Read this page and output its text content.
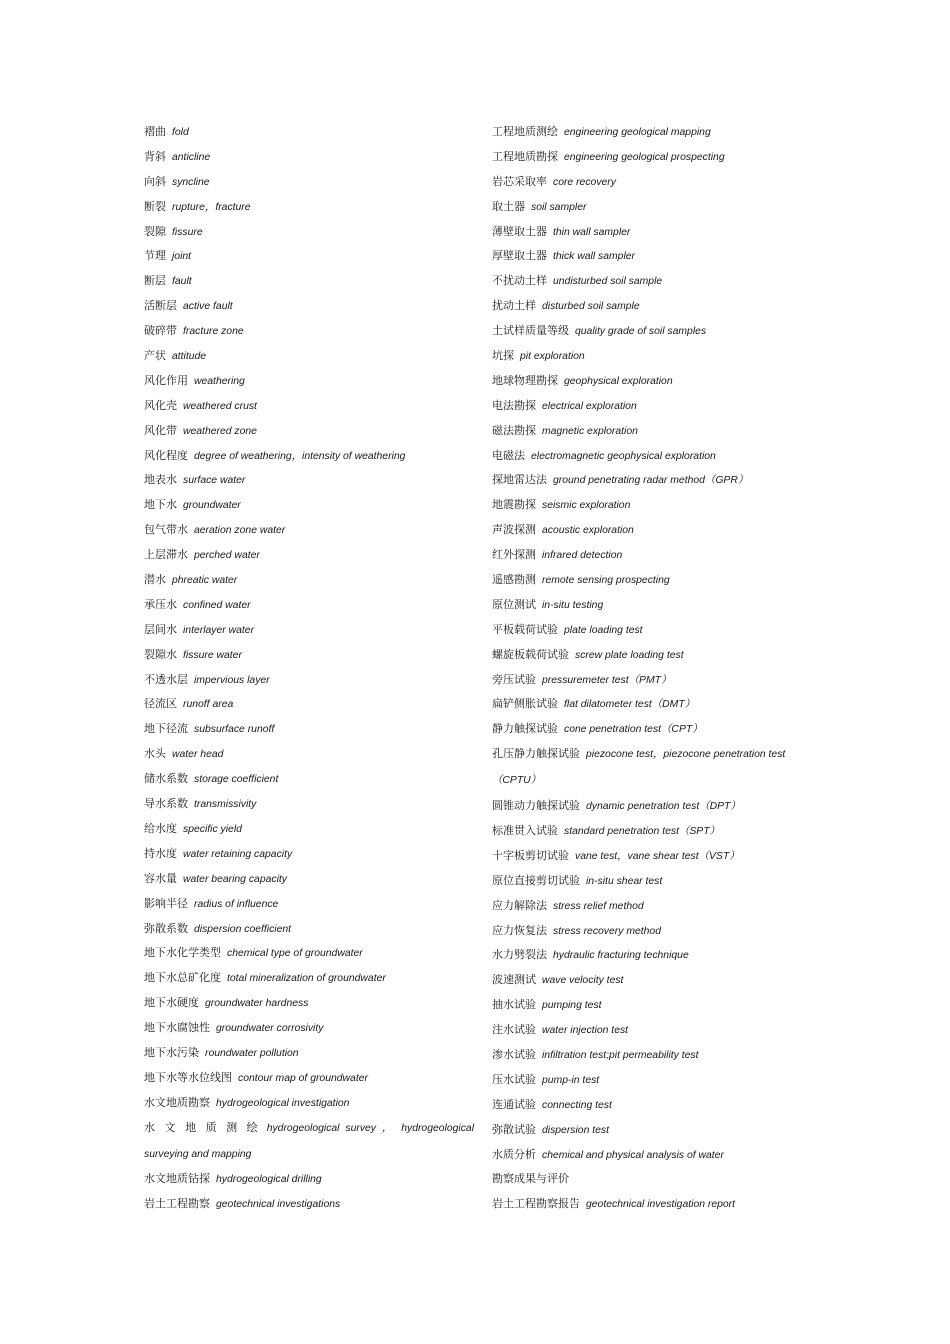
褶曲 fold
背斜 anticline
向斜 syncline
断裂 rupture，fracture
裂隙 fissure
节理 joint
断层 fault
活断层 active fault
破碎带 fracture zone
产状 attitude
风化作用 weathering
风化壳 weathered crust
风化带 weathered zone
风化程度 degree of weathering，intensity of weathering
地表水 surface water
地下水 groundwater
包气带水 aeration zone water
上层滞水 perched water
潜水 phreatic water
承压水 confined water
层间水 interlayer water
裂隙水 fissure water
不透水层 impervious layer
径流区 runoff area
地下径流 subsurface runoff
水头 water head
储水系数 storage coefficient
导水系数 transmissivity
给水度 specific yield
持水度 water retaining capacity
容水量 water bearing capacity
影响半径 radius of influence
弥散系数 dispersion coefficient
地下水化学类型 chemical type of groundwater
地下水总矿化度 total mineralization of groundwater
地下水硬度 groundwater hardness
地下水腐蚀性 groundwater corrosivity
地下水污染 roundwater pollution
地下水等水位线图 contour map of groundwater
水文地质勘察 hydrogeological investigation
水 文 地 质 测 绘 hydrogeological survey ， hydrogeological surveying and mapping
水文地质钻探 hydrogeological drilling
岩土工程勘察 geotechnical investigations
工程地质测绘 engineering geological mapping
工程地质勘探 engineering geological prospecting
岩芯采取率 core recovery
取土器 soil sampler
薄壁取土器 thin wall sampler
厚壁取土器 thick wall sampler
不扰动土样 undisturbed soil sample
扰动土样 disturbed soil sample
土试样质量等级 quality grade of soil samples
坑探 pit exploration
地球物理勘探 geophysical exploration
电法勘探 electrical exploration
磁法勘探 magnetic exploration
电磁法 electromagnetic geophysical exploration
探地雷达法 ground penetrating radar method（GPR）
地震勘探 seismic exploration
声波探测 acoustic exploration
红外探测 infrared detection
遥感勘测 remote sensing prospecting
原位测试 in-situ testing
平板载荷试验 plate loading test
螺旋板载荷试验 screw plate loading test
旁压试验 pressuremeter test（PMT）
扁铲侧胀试验 flat dilatometer test（DMT）
静力触探试验 cone penetration test（CPT）
孔压静力触探试验 piezocone test，piezocone penetration test（CPTU）
圆锥动力触探试验 dynamic penetration test（DPT）
标准贯入试验 standard penetration test（SPT）
十字板剪切试验 vane test，vane shear test（VST）
原位直接剪切试验 in-situ shear test
应力解除法 stress relief method
应力恢复法 stress recovery method
水力劈裂法 hydraulic fracturing technique
波速测试 wave velocity test
抽水试验 pumping test
注水试验 water injection test
渗水试验 infiltration test;pit permeability test
压水试验 pump-in test
连通试验 connecting test
弥散试验 dispersion test
水质分析 chemical and physical analysis of water
勘察成果与评价
岩土工程勘察报告 geotechnical investigation report
